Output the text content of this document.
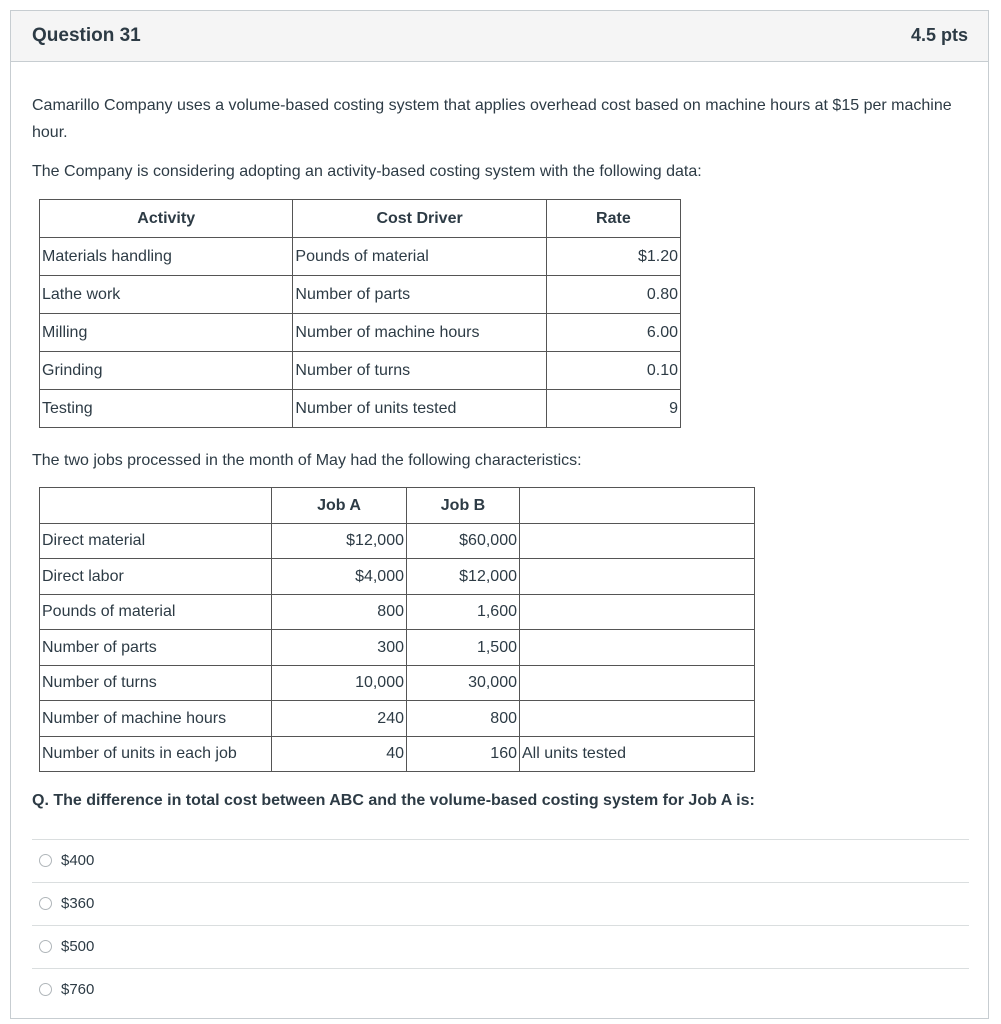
Question 31	4.5 pts

Camarillo Company uses a volume-based costing system that applies overhead cost based on machine hours at $15 per machine hour.

The Company is considering adopting an activity-based costing system with the following data:

Activity	Cost Driver	Rate
Materials handling	Pounds of material	$1.20
Lathe work	Number of parts	0.80
Milling	Number of machine hours	6.00
Grinding	Number of turns	0.10
Testing	Number of units tested	9

The two jobs processed in the month of May had the following characteristics:

	Job A	Job B	
Direct material	$12,000	$60,000	
Direct labor	$4,000	$12,000	
Pounds of material	800	1,600	
Number of parts	300	1,500	
Number of turns	10,000	30,000	
Number of machine hours	240	800	
Number of units in each job	40	160	All units tested

Q. The difference in total cost between ABC and the volume-based costing system for Job A is:

$400
$360
$500
$760
